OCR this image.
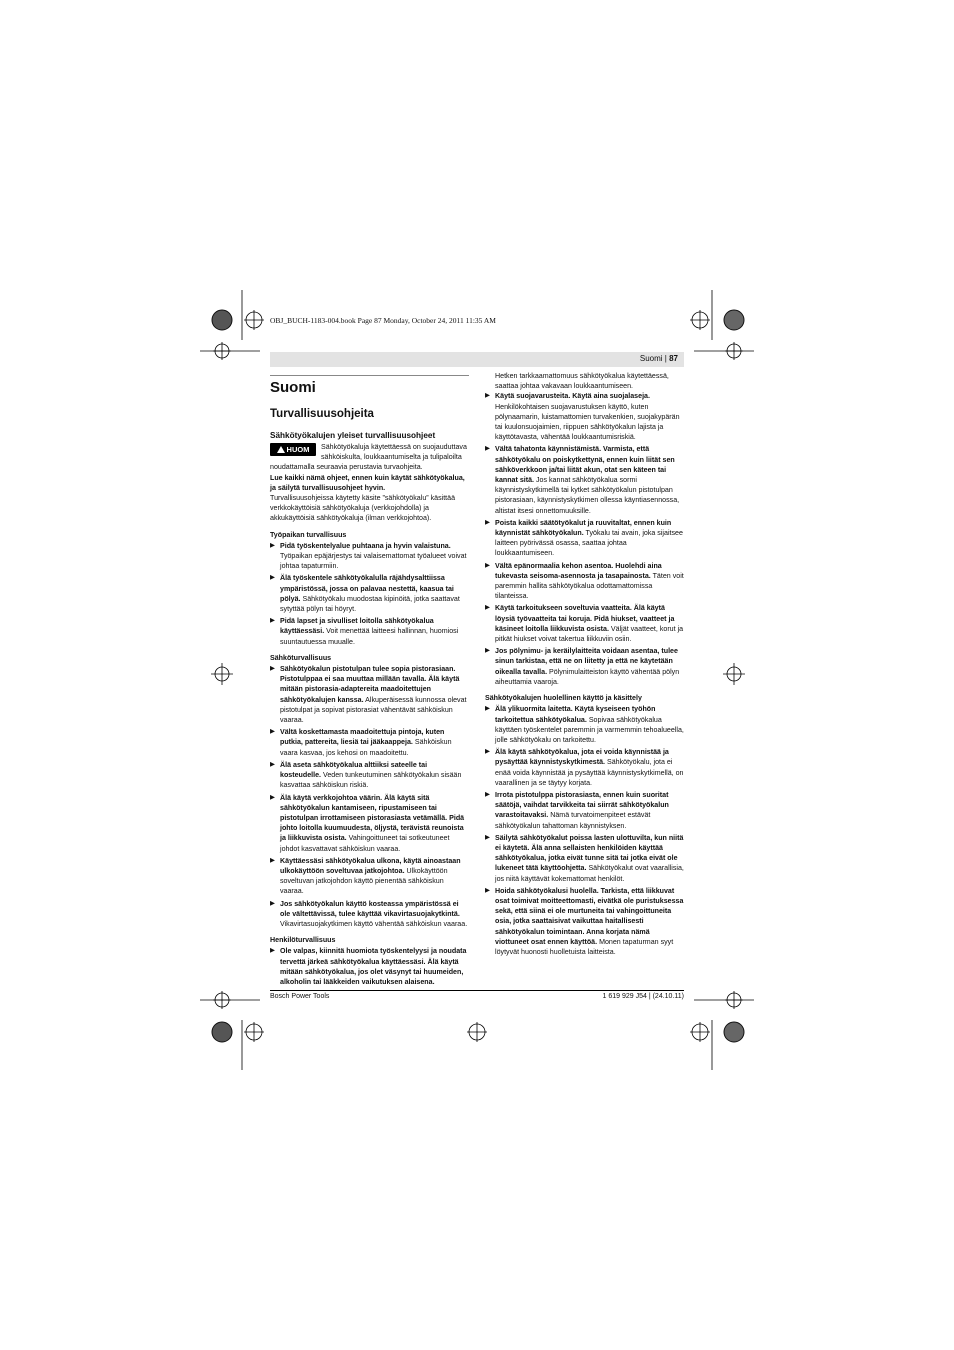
OBJ_BUCH-1183-004.book Page 87 Monday, October 24, 2011 11:35 AM
Suomi | 87
Suomi
Turvallisuusohjeita
Sähkötyökalujen yleiset turvallisuusohjeet
HUOM	Sähkötyökaluja käytettäessä on suojauduttava sähköiskulta, loukkaantumiselta ja tulipaloilta noudattamalla seuraavia perustavia turvaohjeita.

Lue kaikki nämä ohjeet, ennen kuin käytät sähkötyökalua, ja säilytä turvallisuusohjeet hyvin.

Turvallisuusohjeissa käytetty käsite ”sähkötyökalu” käsittää verkkokäyttöisiä sähkötyökaluja (verkkojohdolla) ja akkukäyttöisiä sähkötyökaluja (ilman verkkojohtoa).

Työpaikan turvallisuus
▶ Pidä työskentelyalue puhtaana ja hyvin valaistuna. Työpaikan epäjärjestys tai valaisemattomat työalueet voivat johtaa tapaturmiin.
▶ Älä työskentele sähkötyökalulla räjähdysalttiissa ympäristössä, jossa on palavaa nestettä, kaasua tai pölyä. Sähkötyökalu muodostaa kipinöitä, jotka saattavat sytyttää pölyn tai höyryt.
▶ Pidä lapset ja sivulliset loitolla sähkötyökalua käyttäessäsi. Voit menettää laitteesi hallinnan, huomiosi suuntautuessa muualle.
Sähköturvallisuus
▶ Sähkötyökalun pistotulpan tulee sopia pistorasiaan. Pistotulppaa ei saa muuttaa millään tavalla. Älä käytä mitään pistorasia-adaptereita maadoitettujen sähkötyökalujen kanssa. Alkuperäisessä kunnossa olevat pistotulpat ja sopivat pistorasiat vähentävät sähköiskun vaaraa.
▶ Vältä koskettamasta maadoitettuja pintoja, kuten putkia, pattereita, liesiä tai jääkaappeja. Sähköiskun vaara kasvaa, jos kehosi on maadoitettu.
▶ Älä aseta sähkötyökalua alttiiksi sateelle tai kosteudelle. Veden tunkeutuminen sähkötyökalun sisään kasvattaa sähköiskun riskiä.
▶ Älä käytä verkkojohtoa väärin. Älä käytä sitä sähkötyökalun kantamiseen, ripustamiseen tai pistotulpan irrottamiseen pistorasiasta vetämällä. Pidä johto loitolla kuumuudesta, öljystä, terävistä reunoista ja liikkuvista osista. Vahingoittuneet tai sotkeutuneet johdot kasvattavat sähköiskun vaaraa.
▶ Käyttäessäsi sähkötyökalua ulkona, käytä ainoastaan ulkokäyttöön soveltuvaa jatkojohtoa. Ulkokäyttöön soveltuvan jatkojohdon käyttö pienentää sähköiskun vaaraa.
▶ Jos sähkötyökalun käyttö kosteassa ympäristössä ei ole vältettävissä, tulee käyttää vikavirtasuojakytkintä. Vikavirtasuojakytkimen käyttö vähentää sähköiskun vaaraa.
Henkilöturvallisuus
▶ Ole valpas, kiinnitä huomiota työskentelyysi ja noudata tervettä järkeä sähkötyökalua käyttäessäsi. Älä käytä mitään sähkötyökalua, jos olet väsynyt tai huumeiden, alkoholin tai lääkkeiden vaikutuksen alaisena.

Hetken tarkkaamattomuus sähkötyökalua käytettäessä, saattaa johtaa vakavaan loukkaantumiseen.

▶ Käytä suojavarusteita. Käytä aina suojalaseja. Henkilökohtaisen suojavarustuksen käyttö, kuten pölynaamarin, luistamattomien turvakenkien, suojakypärän tai kuulonsuojaimien, riippuen sähkötyökalun lajista ja käyttötavasta, vähentää loukkaantumisriskiä.
▶ Vältä tahatonta käynnistämistä. Varmista, että sähkötyökalu on poiskytkettynä, ennen kuin liität sen sähköverkkoon ja/tai liität akun, otat sen käteen tai kannat sitä. Jos kannat sähkötyökalua sormi käynnistyskytkimellä tai kytket sähkötyökalun pistotulpan pistorasiaan, käynnistyskytkimen ollessa käyntiasennossa, altistat itsesi onnettomuuksille.
▶ Poista kaikki säätötyökalut ja ruuvitaltat, ennen kuin käynnistät sähkötyökalun. Työkalu tai avain, joka sijaitsee laitteen pyörivässä osassa, saattaa johtaa loukkaantumiseen.
▶ Vältä epänormaalia kehon asentoa. Huolehdi aina tukevasta seisoma-asennosta ja tasapainosta. Täten voit paremmin hallita sähkötyökalua odottamattomissa tilanteissa.
▶ Käytä tarkoitukseen soveltuvia vaatteita. Älä käytä löysiä työvaatteita tai koruja. Pidä hiukset, vaatteet ja käsineet loitolla liikkuvista osista. Väljät vaatteet, korut ja pitkät hiukset voivat takertua liikkuviin osiin.
▶ Jos pölynimu- ja keräilylaitteita voidaan asentaa, tulee sinun tarkistaa, että ne on liitetty ja että ne käytetään oikealla tavalla. Pölynimulaitteiston käyttö vähentää pölyn aiheuttamia vaaroja.
Sähkötyökalujen huolellinen käyttö ja käsittely
▶ Älä ylikuormita laitetta. Käytä kyseiseen työhön tarkoitettua sähkötyökalua. Sopivaa sähkötyökalua käyttäen työskentelet paremmin ja varmemmin tehoalueella, jolle sähkötyökalu on tarkoitettu.
▶ Älä käytä sähkötyökalua, jota ei voida käynnistää ja pysäyttää käynnistyskytkimestä. Sähkötyökalu, jota ei enää voida käynnistää ja pysäyttää käynnistyskytkimellä, on vaarallinen ja se täytyy korjata.
▶ Irrota pistotulppa pistorasiasta, ennen kuin suoritat säätöjä, vaihdat tarvikkeita tai siirrät sähkötyökalun varastoitavaksi. Nämä turvatoimenpiteet estävät sähkötyökalun tahattoman käynnistyksen.
▶ Säilytä sähkötyökalut poissa lasten ulottuvilta, kun niitä ei käytetä. Älä anna sellaisten henkilöiden käyttää sähkötyökalua, jotka eivät tunne sitä tai jotka eivät ole lukeneet tätä käyttöohjetta. Sähkötyökalut ovat vaarallisia, jos niitä käyttävät kokemattomat henkilöt.
▶ Hoida sähkötyökalusi huolella. Tarkista, että liikkuvat osat toimivat moitteettomasti, eivätkä ole puristuksessa sekä, että siinä ei ole murtuneita tai vahingoittuneita osia, jotka saattaisivat vaikuttaa haitallisesti sähkötyökalun toimintaan. Anna korjata nämä viottuneet osat ennen käyttöä. Monen tapaturman syyt löytyvät huonosti huolletuista laitteista.
Bosch Power Tools	1 619 929 J54 | (24.10.11)
